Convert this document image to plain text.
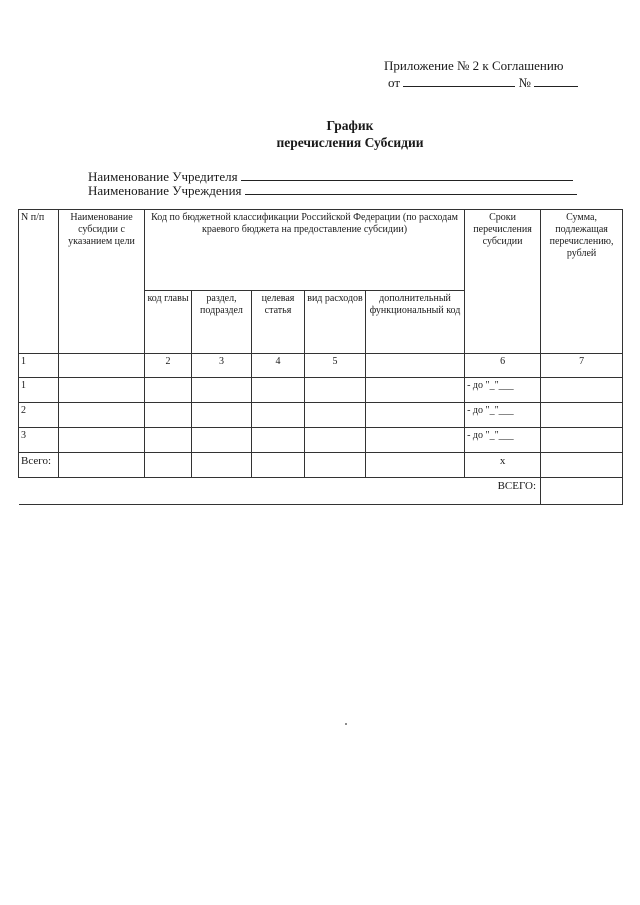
Приложение № 2 к Соглашению
от	№
График
перечисления Субсидии
Наименование Учредителя
Наименование Учреждения
N п/п	Наименование субсидии с указанием цели	Код по бюджетной классификации Российской Федерации (по расходам краевого бюджета на предоставление субсидии)					Сроки перечисления субсидии	Сумма, подлежащая перечислению, рублей
		код главы	раздел, подраздел	целевая статья	вид расходов	дополнительный функциональный код		
1		2	3	4	5		6	7
1							- до "_"___	
2							- до "_"___	
3							- до "_"___	
Всего:							x	
ВСЕГО:								
